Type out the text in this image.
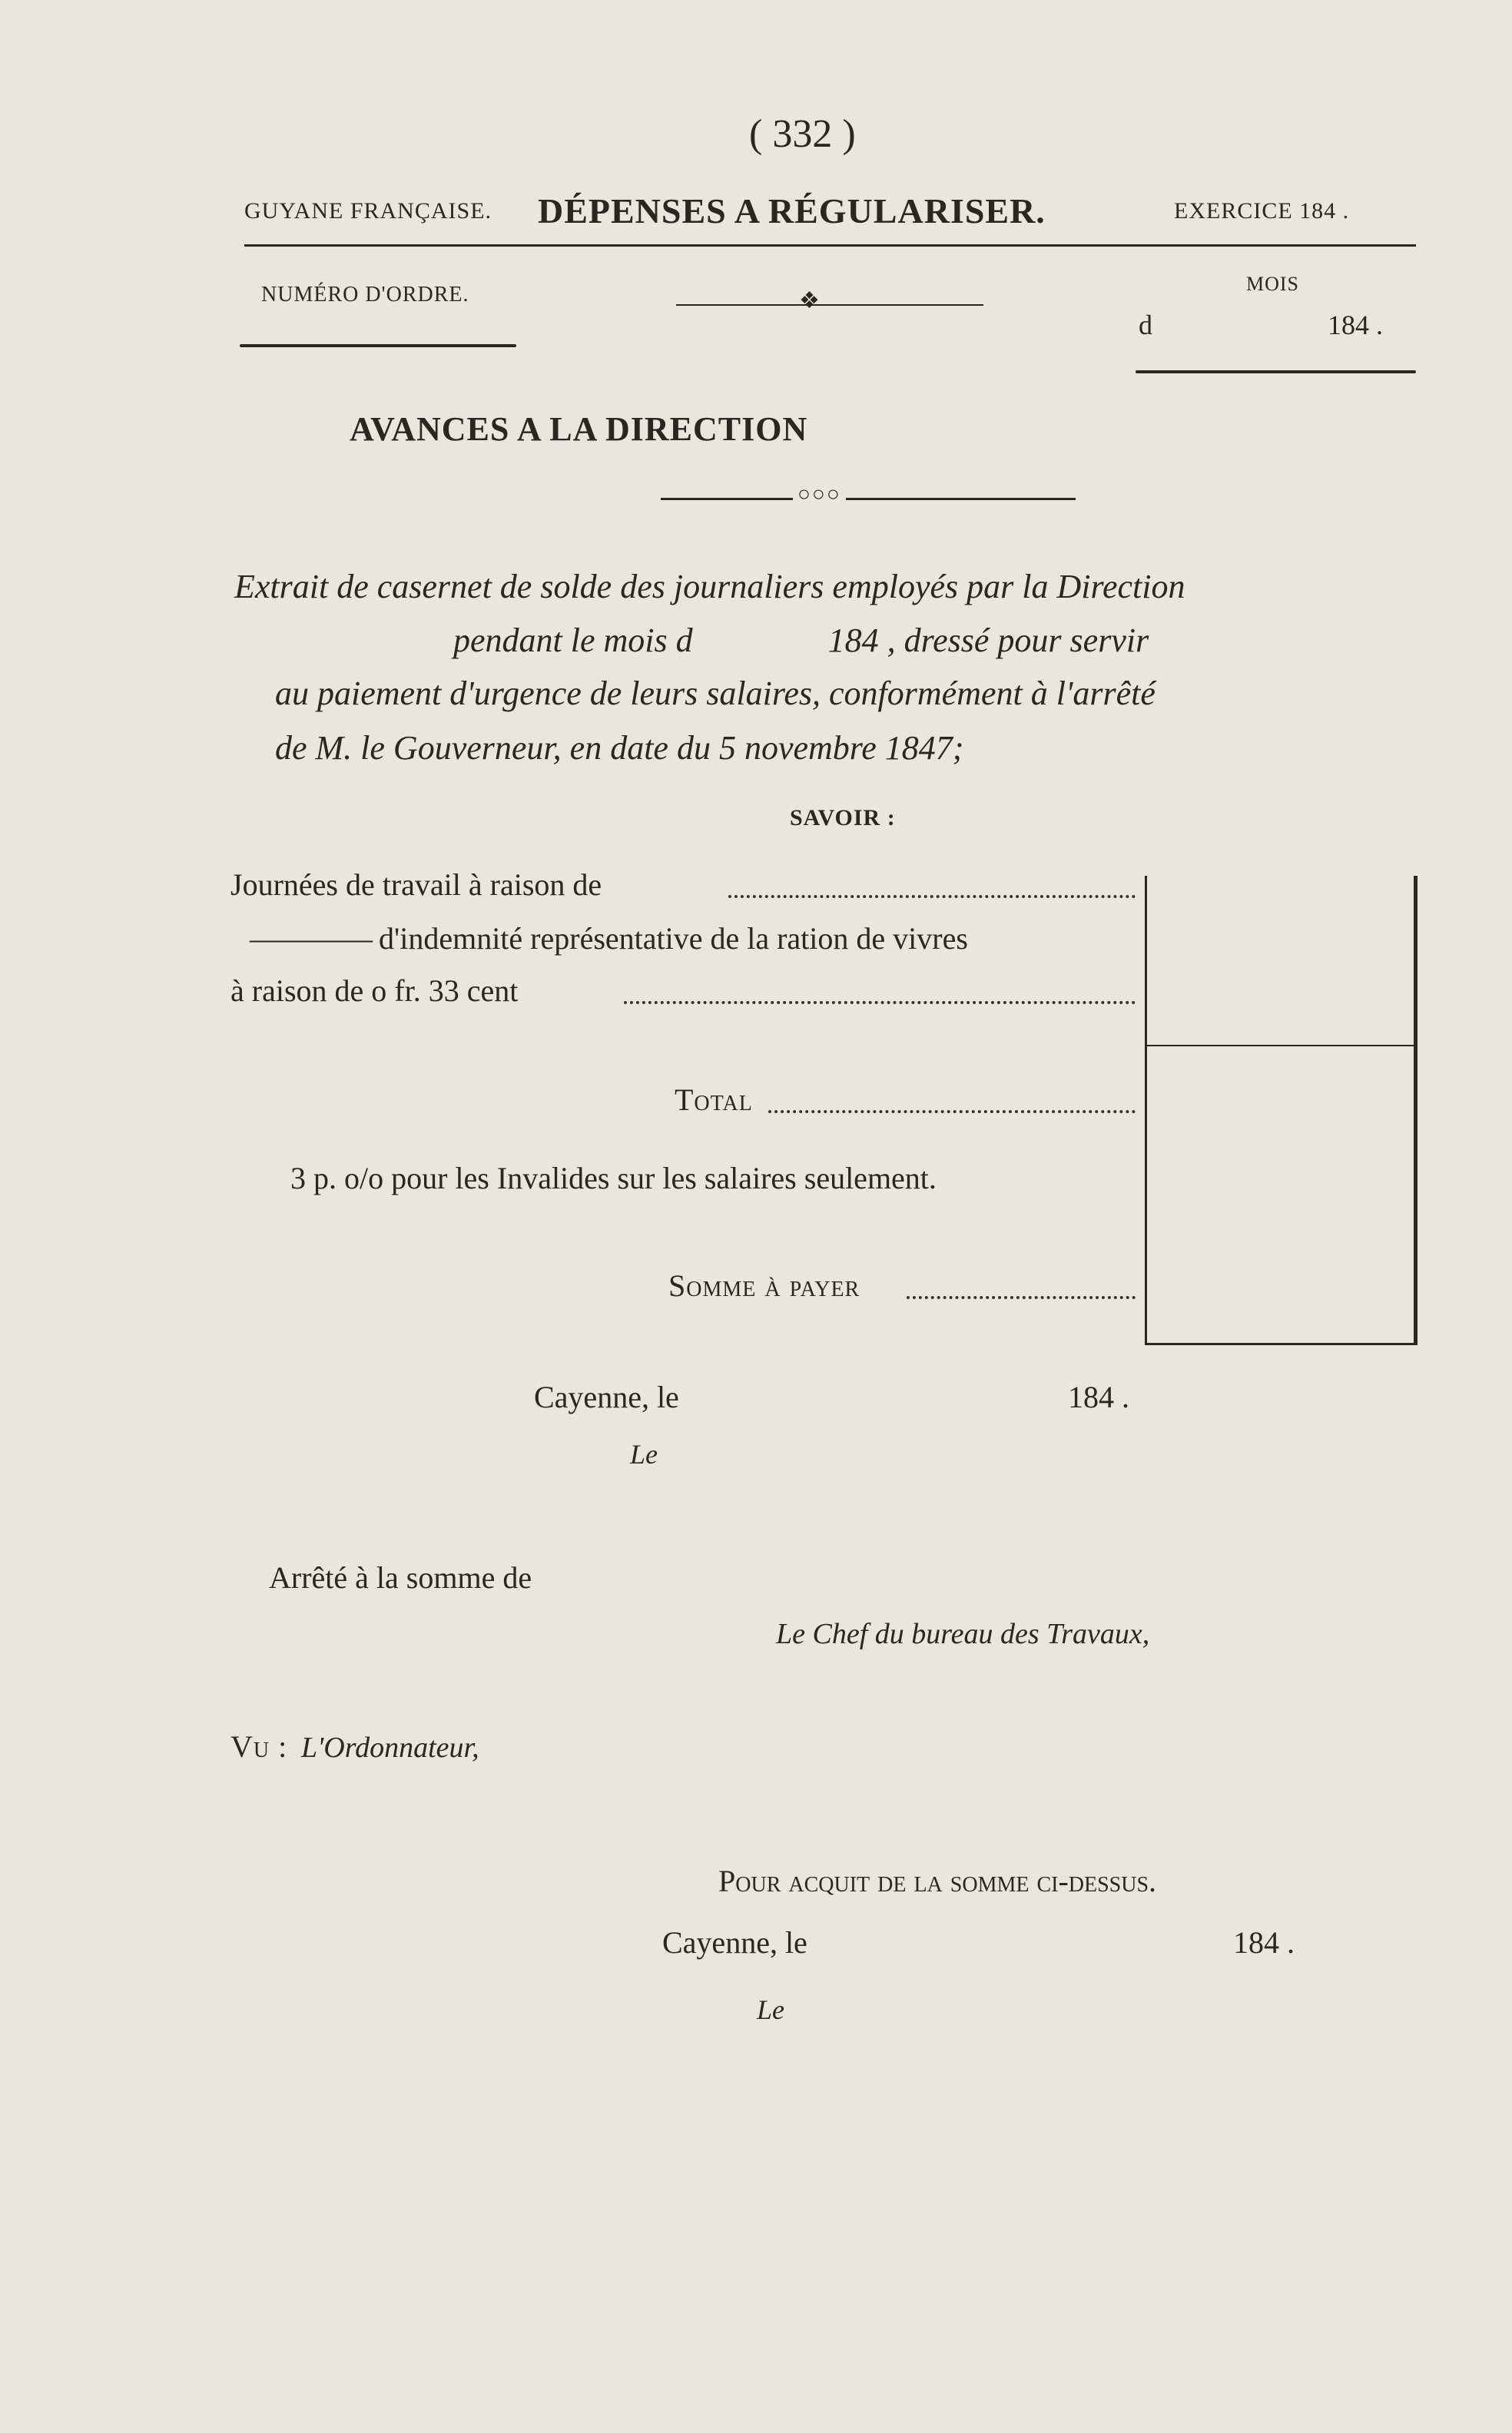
( 332 )
GUYANE FRANÇAISE. DÉPENSES A RÉGULARISER.	EXERCICE 184 .
NUMÉRO D'ORDRE.	❖
MOIS
d	184 .
AVANCES A LA DIRECTION
○○○
Extrait de casernet de solde des journaliers employés par la Direction
pendant le mois d                184 , dressé pour servir
au paiement d'urgence de leurs salaires, conformément à l'arrêté
de M. le Gouverneur, en date du 5 novembre 1847;
SAVOIR :
Journées de travail à raison de
———— d'indemnité représentative de la ration de vivres
à raison de o fr. 33 cent
Total
3 p. o/o pour les Invalides sur les salaires seulement.
Somme à payer
Cayenne, le	184 .
Le
Arrêté à la somme de
Le Chef du bureau des Travaux,
Vu : L'Ordonnateur,
Pour acquit de la somme ci-dessus.
Cayenne, le	184 .
Le
